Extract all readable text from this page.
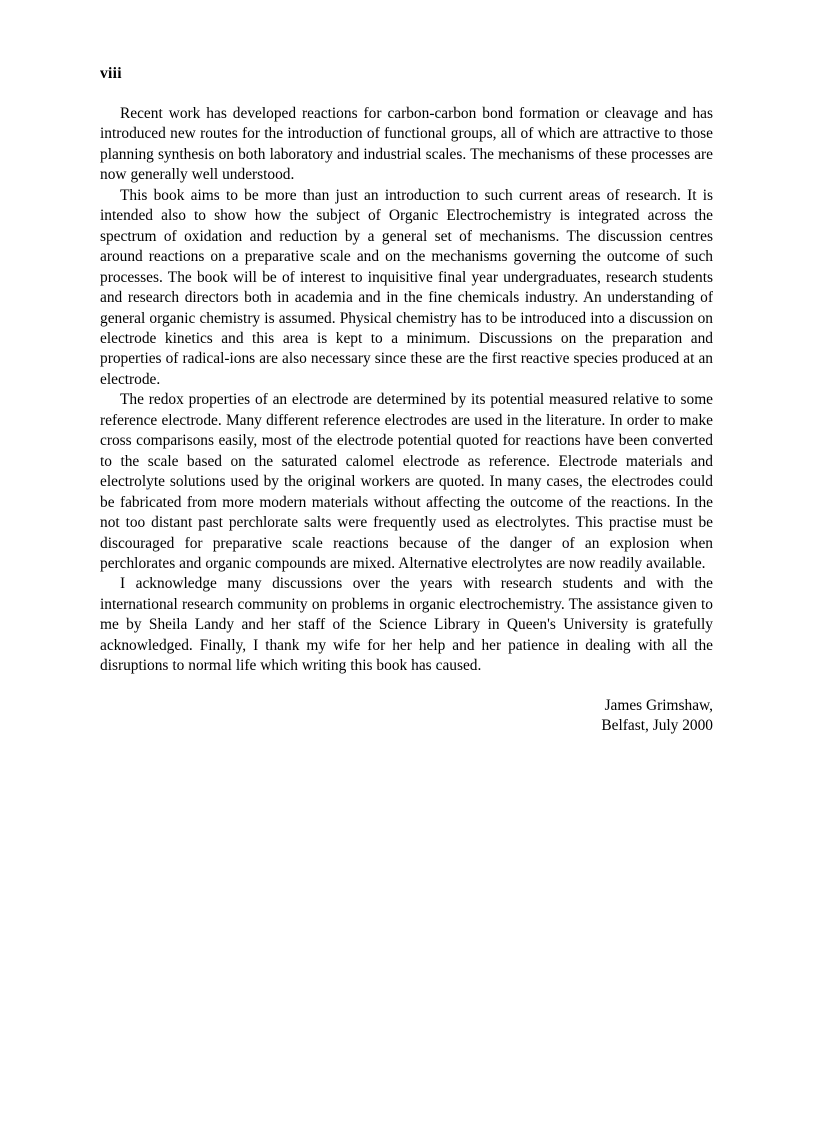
viii

Recent work has developed reactions for carbon-carbon bond formation or cleavage and has introduced new routes for the introduction of functional groups, all of which are attractive to those planning synthesis on both laboratory and industrial scales. The mechanisms of these processes are now generally well understood.

This book aims to be more than just an introduction to such current areas of research. It is intended also to show how the subject of Organic Electrochemistry is integrated across the spectrum of oxidation and reduction by a general set of mechanisms. The discussion centres around reactions on a preparative scale and on the mechanisms governing the outcome of such processes. The book will be of interest to inquisitive final year undergraduates, research students and research directors both in academia and in the fine chemicals industry. An understanding of general organic chemistry is assumed. Physical chemistry has to be introduced into a discussion on electrode kinetics and this area is kept to a minimum. Discussions on the preparation and properties of radical-ions are also necessary since these are the first reactive species produced at an electrode.

The redox properties of an electrode are determined by its potential measured relative to some reference electrode. Many different reference electrodes are used in the literature. In order to make cross comparisons easily, most of the electrode potential quoted for reactions have been converted to the scale based on the saturated calomel electrode as reference. Electrode materials and electrolyte solutions used by the original workers are quoted. In many cases, the electrodes could be fabricated from more modern materials without affecting the outcome of the reactions. In the not too distant past perchlorate salts were frequently used as electrolytes. This practise must be discouraged for preparative scale reactions because of the danger of an explosion when perchlorates and organic compounds are mixed. Alternative electrolytes are now readily available.

I acknowledge many discussions over the years with research students and with the international research community on problems in organic electrochemistry. The assistance given to me by Sheila Landy and her staff of the Science Library in Queen's University is gratefully acknowledged. Finally, I thank my wife for her help and her patience in dealing with all the disruptions to normal life which writing this book has caused.

James Grimshaw,
Belfast, July 2000
